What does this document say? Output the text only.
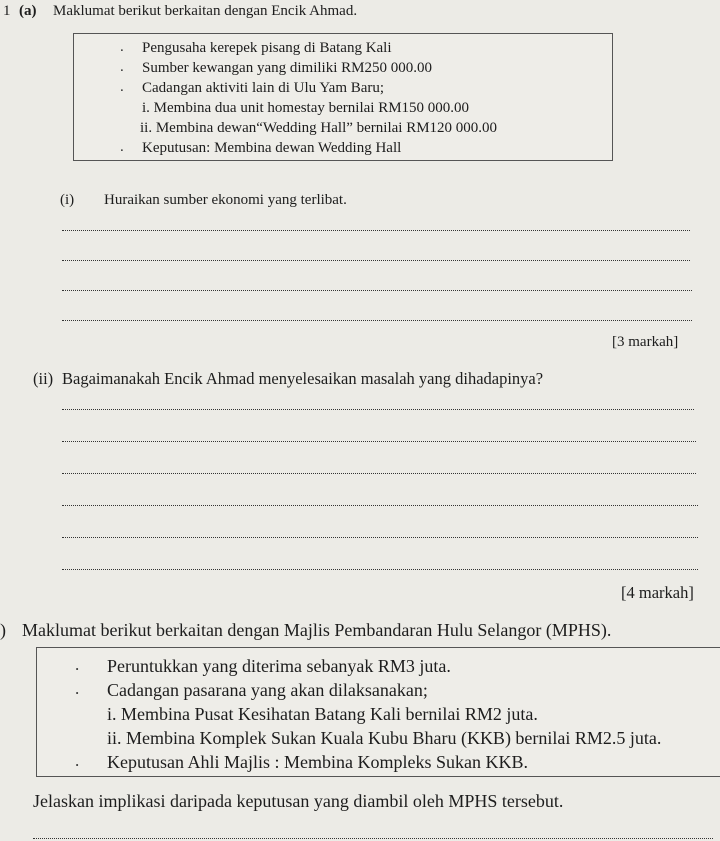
1 (a) Maklumat berikut berkaitan dengan Encik Ahmad.
. Pengusaha kerepek pisang di Batang Kali
. Sumber kewangan yang dimiliki RM250 000.00
. Cadangan aktiviti lain di Ulu Yam Baru;
i. Membina dua unit homestay bernilai RM150 000.00
ii. Membina dewan“Wedding Hall” bernilai RM120 000.00
. Keputusan: Membina dewan Wedding Hall
(i) Huraikan sumber ekonomi yang terlibat.
[3 markah]
(ii) Bagaimanakah Encik Ahmad menyelesaikan masalah yang dihadapinya?
[4 markah]
) Maklumat berikut berkaitan dengan Majlis Pembandaran Hulu Selangor (MPHS).
. Peruntukkan yang diterima sebanyak RM3 juta.
. Cadangan pasarana yang akan dilaksanakan;
i. Membina Pusat Kesihatan Batang Kali bernilai RM2 juta.
ii. Membina Komplek Sukan Kuala Kubu Bharu (KKB) bernilai RM2.5 juta.
. Keputusan Ahli Majlis : Membina Kompleks Sukan KKB.
Jelaskan implikasi daripada keputusan yang diambil oleh MPHS tersebut.
